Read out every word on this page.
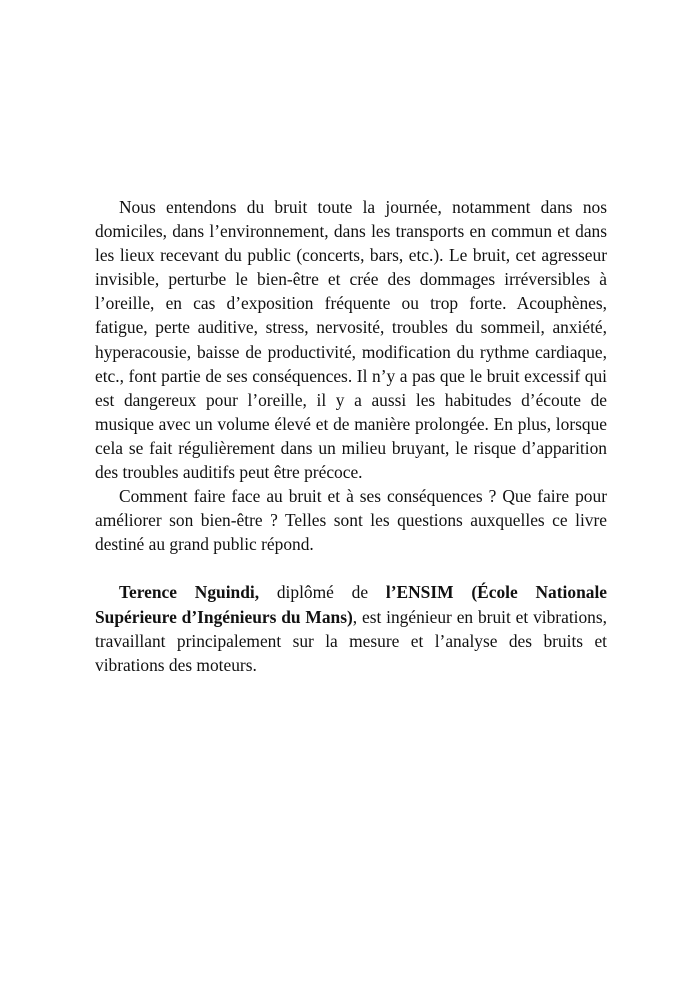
Nous entendons du bruit toute la journée, notamment dans nos domiciles, dans l’environnement, dans les transports en commun et dans les lieux recevant du public (concerts, bars, etc.). Le bruit, cet agresseur invisible, perturbe le bien-être et crée des dommages irréversibles à l’oreille, en cas d’exposition fréquente ou trop forte. Acouphènes, fatigue, perte auditive, stress, nervosité, troubles du sommeil, anxiété, hyperacousie, baisse de productivité, modification du rythme cardiaque, etc., font partie de ses conséquences. Il n’y a pas que le bruit excessif qui est dangereux pour l’oreille, il y a aussi les habitudes d’écoute de musique avec un volume élevé et de manière prolongée. En plus, lorsque cela se fait régulièrement dans un milieu bruyant, le risque d’apparition des troubles auditifs peut être précoce.

Comment faire face au bruit et à ses conséquences ? Que faire pour améliorer son bien-être ? Telles sont les questions auxquelles ce livre destiné au grand public répond.

Terence Nguindi, diplômé de l’ENSIM (École Nationale Supérieure d’Ingénieurs du Mans), est ingénieur en bruit et vibrations, travaillant principalement sur la mesure et l’analyse des bruits et vibrations des moteurs.
